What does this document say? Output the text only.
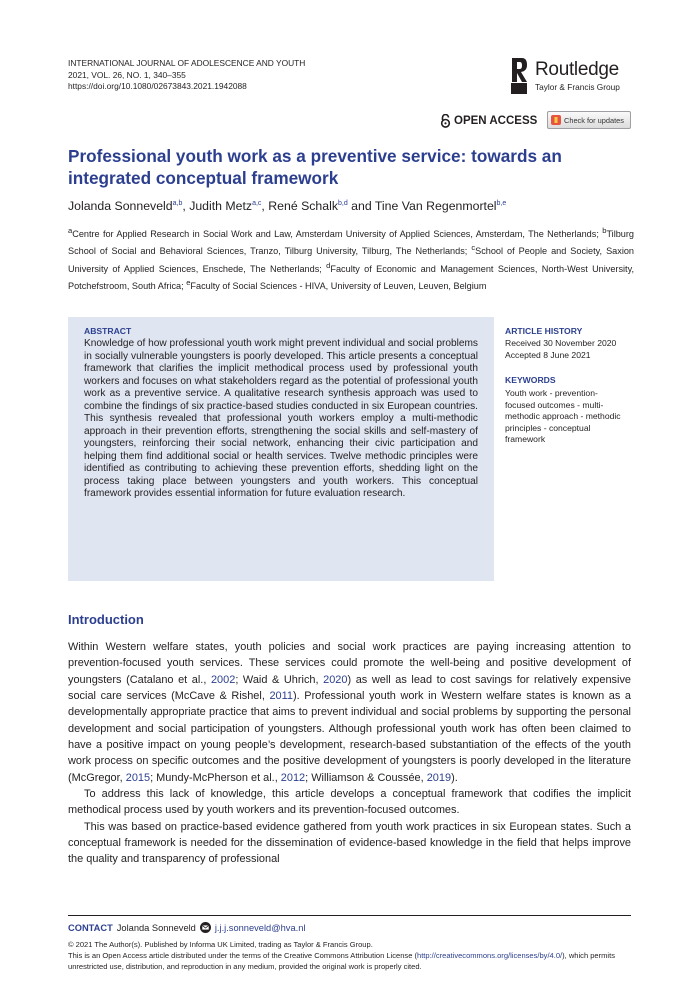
INTERNATIONAL JOURNAL OF ADOLESCENCE AND YOUTH
2021, VOL. 26, NO. 1, 340–355
https://doi.org/10.1080/02673843.2021.1942088
Routledge
Taylor & Francis Group
OPEN ACCESS	Check for updates
Professional youth work as a preventive service: towards an integrated conceptual framework
Jolanda Sonneveld$^{a,b}$, Judith Metz$^{a,c}$, René Schalk$^{b,d}$ and Tine Van Regenmortel$^{b,e}$
$^a$Centre for Applied Research in Social Work and Law, Amsterdam University of Applied Sciences, Amsterdam, The Netherlands; $^b$Tilburg School of Social and Behavioral Sciences, Tranzo, Tilburg University, Tilburg, The Netherlands; $^c$School of People and Society, Saxion University of Applied Sciences, Enschede, The Netherlands; $^d$Faculty of Economic and Management Sciences, North-West University, Potchefstroom, South Africa; $^e$Faculty of Social Sciences - HIVA, University of Leuven, Leuven, Belgium
ABSTRACT
Knowledge of how professional youth work might prevent individual and social problems in socially vulnerable youngsters is poorly developed. This article presents a conceptual framework that clarifies the implicit methodical process used by professional youth workers and focuses on what stakeholders regard as the potential of professional youth work as a preventive service. A qualitative research synthesis approach was used to combine the findings of six practice-based studies conducted in six European countries. This synthesis revealed that professional youth workers employ a multi-methodic approach in their prevention efforts, strengthening the social skills and self-mastery of youngsters, reinforcing their social network, enhancing their civic participation and helping them find additional social or health services. Twelve methodic principles were identified as contributing to achieving these prevention efforts, shedding light on the process taking place between youngsters and youth workers. This conceptual framework provides essential information for future evaluation research.
ARTICLE HISTORY
Received 30 November 2020
Accepted 8 June 2021
KEYWORDS
Youth work - prevention-focused outcomes - multi-methodic approach - methodic principles - conceptual framework
Introduction

Within Western welfare states, youth policies and social work practices are paying increasing attention to prevention-focused youth services. These services could promote the well-being and positive development of youngsters (Catalano et al., 2002; Waid & Uhrich, 2020) as well as lead to cost savings for relatively expensive social care services (McCave & Rishel, 2011). Professional youth work in Western welfare states is known as a developmentally appropriate practice that aims to prevent individual and social problems by supporting the personal development and social participation of youngsters. Although professional youth work has often been claimed to have a positive impact on young people’s development, research-based substantiation of the effects of the youth work process on specific outcomes and the positive development of youngsters is poorly developed in the literature (McGregor, 2015; Mundy-McPherson et al., 2012; Williamson & Coussée, 2019).

To address this lack of knowledge, this article develops a conceptual framework that codifies the implicit methodical process used by youth workers and its prevention-focused outcomes.

This was based on practice-based evidence gathered from youth work practices in six European states. Such a conceptual framework is needed for the dissemination of evidence-based knowledge in the field that helps improve the quality and transparency of professional

CONTACT Jolanda Sonneveld j.j.j.sonneveld@hva.nl
© 2021 The Author(s). Published by Informa UK Limited, trading as Taylor & Francis Group.
This is an Open Access article distributed under the terms of the Creative Commons Attribution License (http://creativecommons.org/licenses/by/4.0/), which permits unrestricted use, distribution, and reproduction in any medium, provided the original work is properly cited.
